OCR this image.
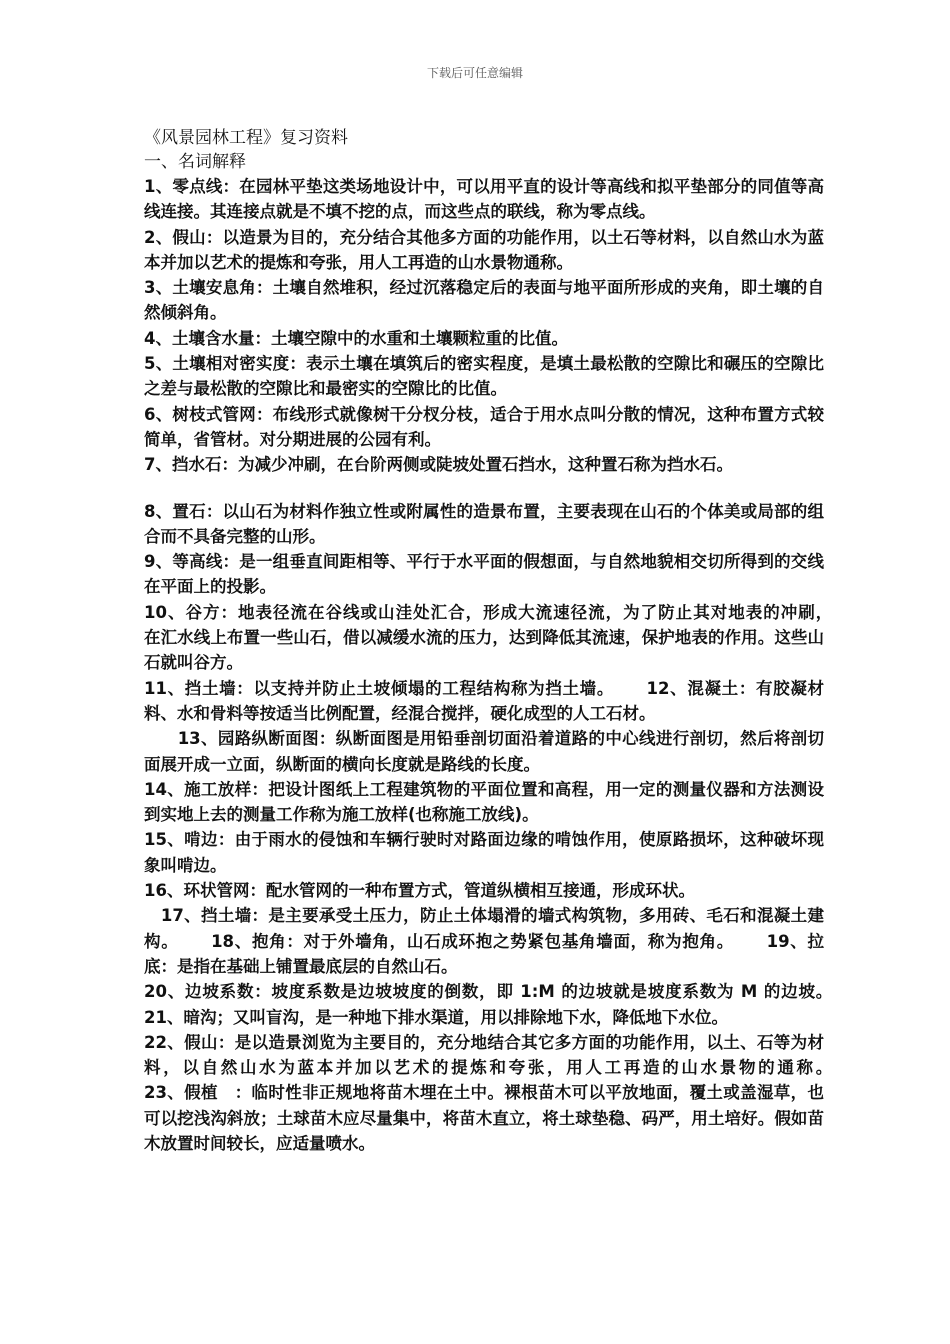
下载后可任意编辑

《风景园林工程》复习资料

一、名词解释

1、零点线：在园林平垫这类场地设计中，可以用平直的设计等高线和拟平垫部分的同值等高线连接。其连接点就是不填不挖的点，而这些点的联线，称为零点线。

2、假山：以造景为目的，充分结合其他多方面的功能作用，以土石等材料，以自然山水为蓝本并加以艺术的提炼和夸张，用人工再造的山水景物通称。

3、土壤安息角：土壤自然堆积，经过沉落稳定后的表面与地平面所形成的夹角，即土壤的自然倾斜角。

4、土壤含水量：土壤空隙中的水重和土壤颗粒重的比值。

5、土壤相对密实度：表示土壤在填筑后的密实程度，是填土最松散的空隙比和碾压的空隙比之差与最松散的空隙比和最密实的空隙比的比值。

6、树枝式管网：布线形式就像树干分杈分枝，适合于用水点叫分散的情况，这种布置方式较简单，省管材。对分期进展的公园有利。

7、挡水石：为减少冲刷，在台阶两侧或陡坡处置石挡水，这种置石称为挡水石。

8、置石：以山石为材料作独立性或附属性的造景布置，主要表现在山石的个体美或局部的组合而不具备完整的山形。

9、等高线：是一组垂直间距相等、平行于水平面的假想面，与自然地貌相交切所得到的交线在平面上的投影。

10、谷方：地表径流在谷线或山洼处汇合，形成大流速径流，为了防止其对地表的冲刷，　 在汇水线上布置一些山石，借以减缓水流的压力，达到降低其流速，保护地表的作用。这些山石就叫谷方。

11、挡土墙：以支持并防止土坡倾塌的工程结构称为挡土墙。　　 12、混凝土：有胶凝材料、水和骨料等按适当比例配置，经混合搅拌，硬化成型的人工石材。

　　13、园路纵断面图：纵断面图是用铅垂剖切面沿着道路的中心线进行剖切，然后将剖切面展开成一立面，纵断面的横向长度就是路线的长度。

14、施工放样：把设计图纸上工程建筑物的平面位置和高程，用一定的测量仪器和方法测设到实地上去的测量工作称为施工放样(也称施工放线)。

15、啃边：由于雨水的侵蚀和车辆行驶时对路面边缘的啃蚀作用，使原路损坏，这种破坏现象叫啃边。

16、环状管网：配水管网的一种布置方式，管道纵横相互接通，形成环状。

　17、挡土墙：是主要承受土压力，防止土体塌滑的墙式构筑物，多用砖、毛石和混凝土建构。　　 18、抱角：对于外墙角，山石成环抱之势紧包基角墙面，称为抱角。　　 19、拉底：是指在基础上铺置最底层的自然山石。

20、边坡系数：坡度系数是边坡坡度的倒数，即 1:M 的边坡就是坡度系数为 M 的边坡。　　 21、暗沟；又叫盲沟，是一种地下排水渠道，用以排除地下水，降低地下水位。

22、假山：是以造景浏览为主要目的，充分地结合其它多方面的功能作用，以土、石等为材料，以自然山水为蓝本并加以艺术的提炼和夸张，用人工再造的山水景物的通称。　　　 23、假植　：临时性非正规地将苗木埋在土中。裸根苗木可以平放地面，覆土或盖湿草，也可以挖浅沟斜放；土球苗木应尽量集中，将苗木直立，将土球垫稳、码严，用土培好。假如苗木放置时间较长，应适量喷水。
